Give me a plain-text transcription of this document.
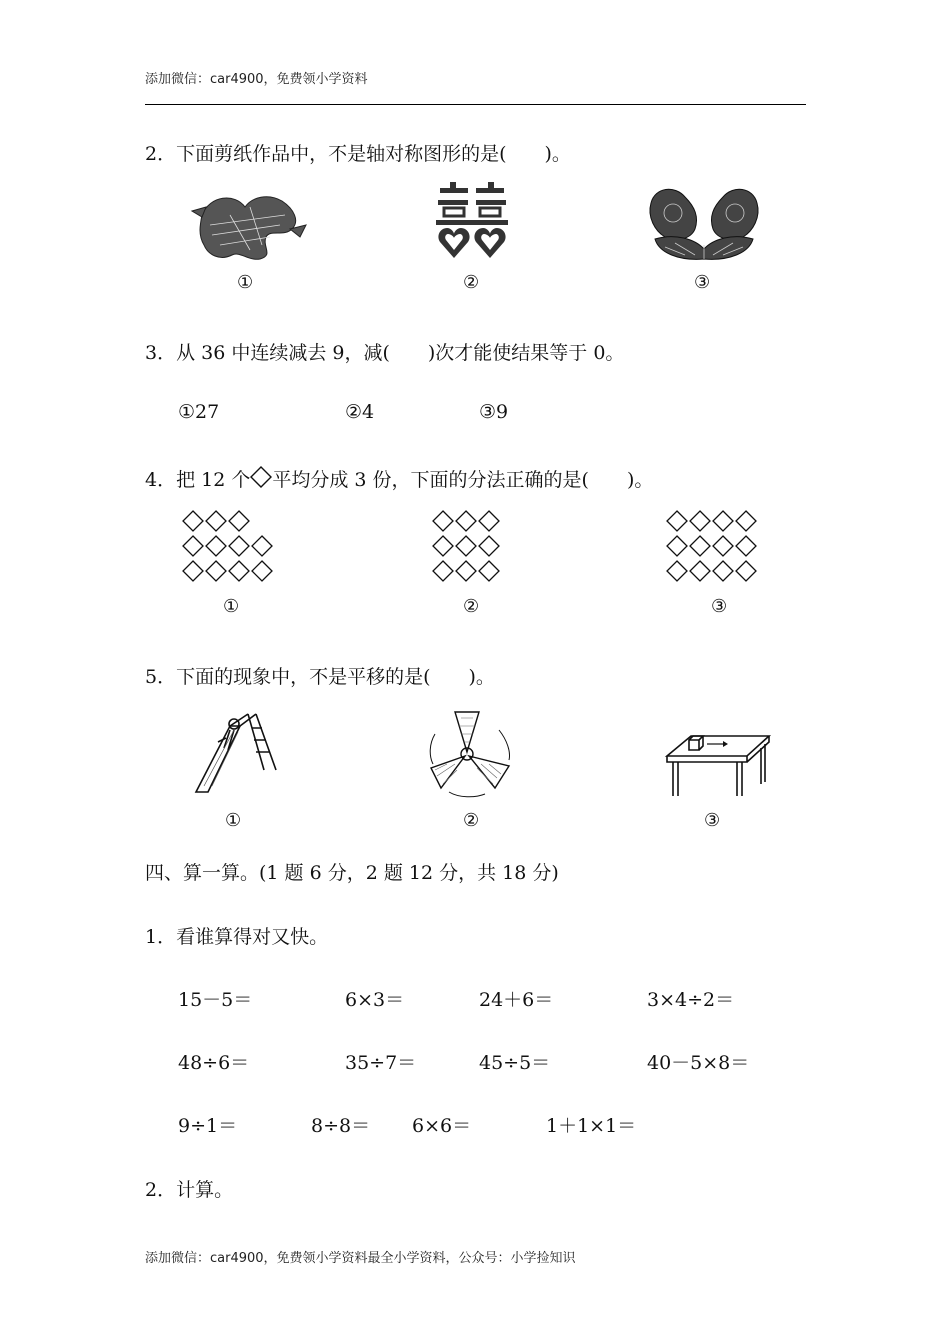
添加微信：car4900，免费领小学资料
2．下面剪纸作品中，不是轴对称图形的是(　　)。
①	②	③
3．从 36 中连续减去 9，减(　　)次才能使结果等于 0。
①27	②4	③9
4．把 12 个 平均分成 3 份，下面的分法正确的是(　　)。
①	②	③
5．下面的现象中，不是平移的是(　　)。
①	②	③
四、算一算。(1 题 6 分，2 题 12 分，共 18 分)
1．看谁算得对又快。
15－5＝	6×3＝	24＋6＝	3×4÷2＝
48÷6＝	35÷7＝	45÷5＝	40－5×8＝
9÷1＝	8÷8＝ 6×6＝	1＋1×1＝
2．计算。
添加微信：car4900，免费领小学资料最全小学资料，公众号：小学捡知识
